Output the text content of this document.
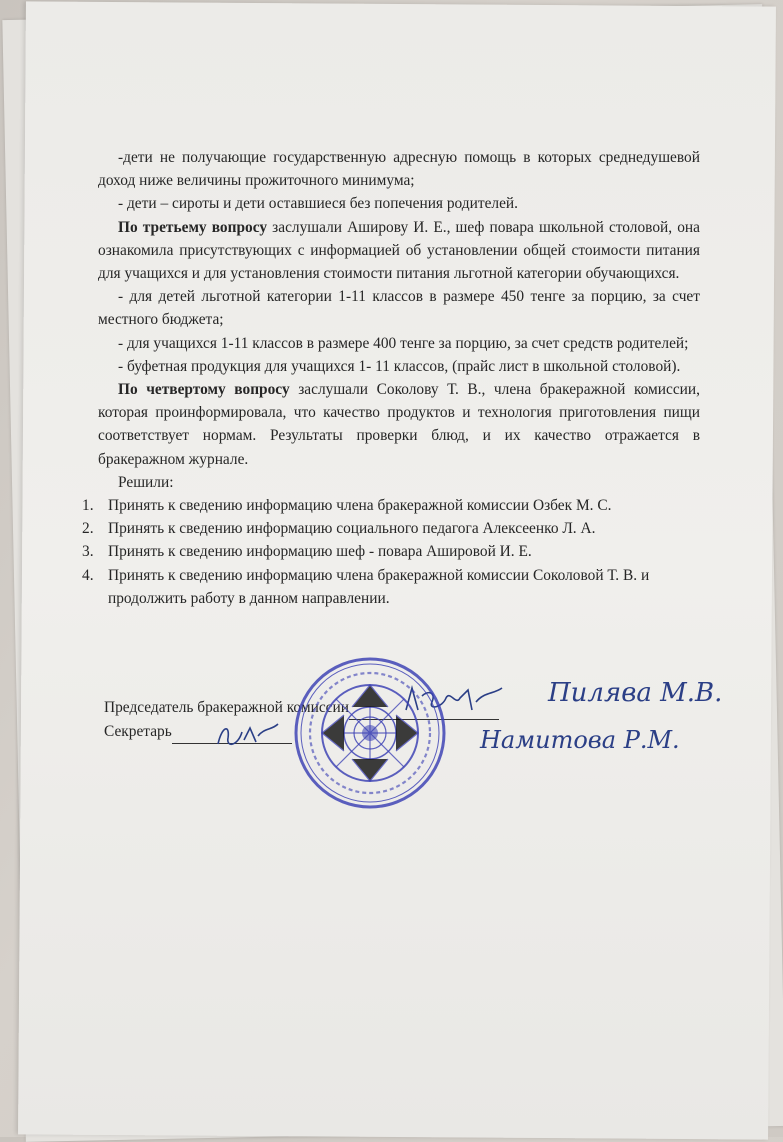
-дети не получающие государственную адресную помощь в которых среднедушевой доход ниже величины прожиточного минимума;

- дети – сироты и дети оставшиеся без попечения родителей.

По третьему вопросу заслушали Аширову И. Е., шеф повара школьной столовой, она ознакомила присутствующих с информацией об установлении общей стоимости питания для учащихся и для установления стоимости питания льготной категории обучающихся.

- для детей льготной категории 1-11 классов в размере 450 тенге за порцию, за счет местного бюджета;

- для учащихся 1-11 классов в размере 400 тенге за порцию, за счет средств родителей;

- буфетная продукция для учащихся 1- 11 классов, (прайс лист в школьной столовой).

По четвертому вопросу заслушали Соколову Т. В., члена бракеражной комиссии, которая проинформировала, что качество продуктов и технология приготовления пищи соответствует нормам. Результаты проверки блюд, и их качество отражается в бракеражном журнале.

Решили:

1. Принять к сведению информацию члена бракеражной комиссии Озбек М. С.
2. Принять к сведению информацию социального педагога Алексеенко Л. А.
3. Принять к сведению информацию шеф - повара Ашировой И. Е.
4. Принять к сведению информацию члена бракеражной комиссии Соколовой Т. В. и продолжить работу в данном направлении.
Председатель бракеражной комиссии
Секретарь
Пилява М.В.
Намитова Р.М.
